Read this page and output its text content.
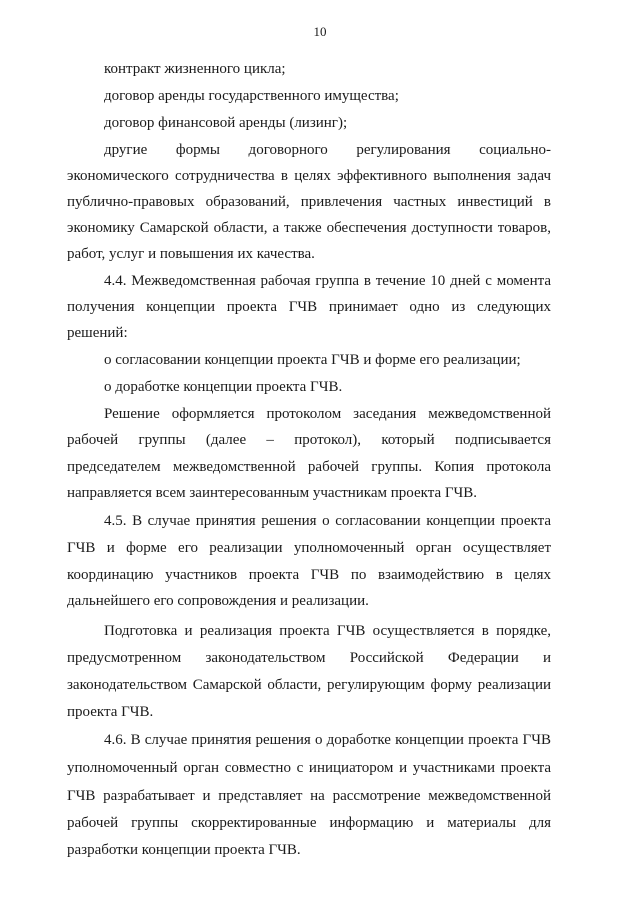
10
контракт жизненного цикла;
договор аренды государственного имущества;
договор финансовой аренды (лизинг);
другие формы договорного регулирования социально-
экономического сотрудничества в целях эффективного выполнения задач
публично-правовых образований, привлечения частных инвестиций в
экономику Самарской области, а также обеспечения доступности товаров,
работ, услуг и повышения их качества.
4.4. Межведомственная рабочая группа в течение 10 дней с момента
получения концепции проекта ГЧВ принимает одно из следующих
решений:
о согласовании концепции проекта ГЧВ и форме его реализации;
о доработке концепции проекта ГЧВ.
Решение оформляется протоколом заседания межведомственной
рабочей группы (далее – протокол), который подписывается
председателем межведомственной рабочей группы. Копия протокола
направляется всем заинтересованным участникам проекта ГЧВ.
4.5. В случае принятия решения о согласовании концепции проекта
ГЧВ и форме его реализации уполномоченный орган осуществляет
координацию участников проекта ГЧВ по взаимодействию в целях
дальнейшего его сопровождения и реализации.
Подготовка и реализация проекта ГЧВ осуществляется в порядке,
предусмотренном законодательством Российской Федерации и
законодательством Самарской области, регулирующим форму реализации
проекта ГЧВ.
4.6. В случае принятия решения о доработке концепции проекта ГЧВ
уполномоченный орган совместно с инициатором и участниками проекта
ГЧВ разрабатывает и представляет на рассмотрение межведомственной
рабочей группы скорректированные информацию и материалы для
разработки концепции проекта ГЧВ.
